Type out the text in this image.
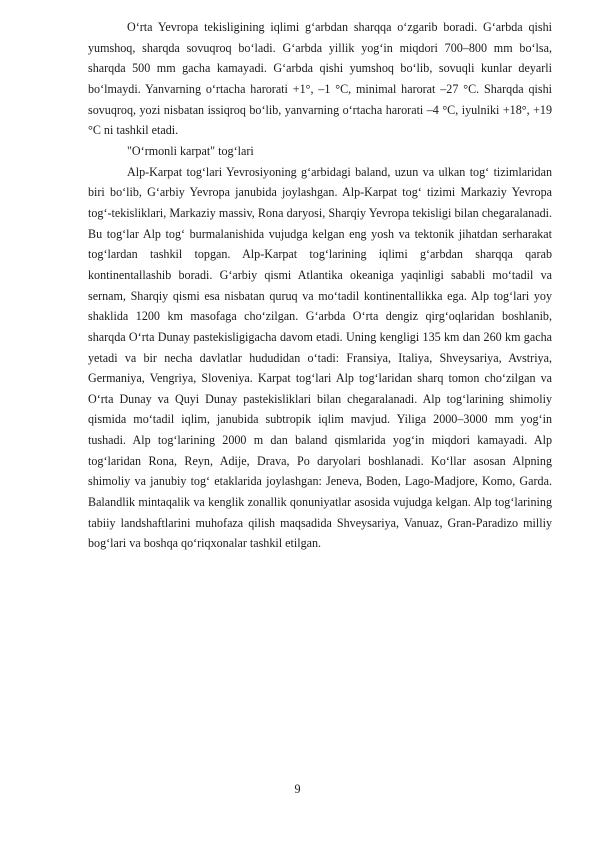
O‘rta Yevropa tekisligining iqlimi g‘arbdan sharqqa o‘zgarib boradi. G‘arbda qishi yumshoq, sharqda sovuqroq bo‘ladi. G‘arbda yillik yog‘in miqdori 700–800 mm bo‘lsa, sharqda 500 mm gacha kamayadi. G‘arbda qishi yumshoq bo‘lib, sovuqli kunlar deyarli bo‘lmaydi. Yanvarning o‘rtacha harorati +1°, –1 °C, minimal harorat –27 °C. Sharqda qishi sovuqroq, yozi nisbatan issiqroq bo‘lib, yanvarning o‘rtacha harorati –4 °C, iyulniki +18°, +19 °C ni tashkil etadi.

"O‘rmonli karpat" tog‘lari

Alp-Karpat tog‘lari Yevrosiyoning g‘arbidagi baland, uzun va ulkan tog‘ tizimlaridan biri bo‘lib, G‘arbiy Yevropa janubida joylashgan. Alp-Karpat tog‘ tizimi Markaziy Yevropa tog‘-tekisliklari, Markaziy massiv, Rona daryosi, Sharqiy Yevropa tekisligi bilan chegaralanadi. Bu tog‘lar Alp tog‘ burmalanishida vujudga kelgan eng yosh va tektonik jihatdan serharakat tog‘lardan tashkil topgan. Alp-Karpat tog‘larining iqlimi g‘arbdan sharqqa qarab kontinentallashib boradi. G‘arbiy qismi Atlantika okeaniga yaqinligi sababli mo‘tadil va sernam, Sharqiy qismi esa nisbatan quruq va mo‘tadil kontinentallikka ega. Alp tog‘lari yoy shaklida 1200 km masofaga cho‘zilgan. G‘arbda O‘rta dengiz qirg‘oqlaridan boshlanib, sharqda O‘rta Dunay pastekisligigacha davom etadi. Uning kengligi 135 km dan 260 km gacha yetadi va bir necha davlatlar hududidan o‘tadi: Fransiya, Italiya, Shveysariya, Avstriya, Germaniya, Vengriya, Sloveniya. Karpat tog‘lari Alp tog‘laridan sharq tomon cho‘zilgan va O‘rta Dunay va Quyi Dunay pastekisliklari bilan chegaralanadi. Alp tog‘larining shimoliy qismida mo‘tadil iqlim, janubida subtropik iqlim mavjud. Yiliga 2000–3000 mm yog‘in tushadi. Alp tog‘larining 2000 m dan baland qismlarida yog‘in miqdori kamayadi. Alp tog‘laridan Rona, Reyn, Adije, Drava, Po daryolari boshlanadi. Ko‘llar asosan Alpning shimoliy va janubiy tog‘ etaklarida joylashgan: Jeneva, Boden, Lago-Madjore, Komo, Garda. Balandlik mintaqalik va kenglik zonallik qonuniyatlar asosida vujudga kelgan. Alp tog‘larining tabiiy landshaftlarini muhofaza qilish maqsadida Shveysariya, Vanuaz, Gran-Paradizo milliy bog‘lari va boshqa qo‘riqxonalar tashkil etilgan.

9
